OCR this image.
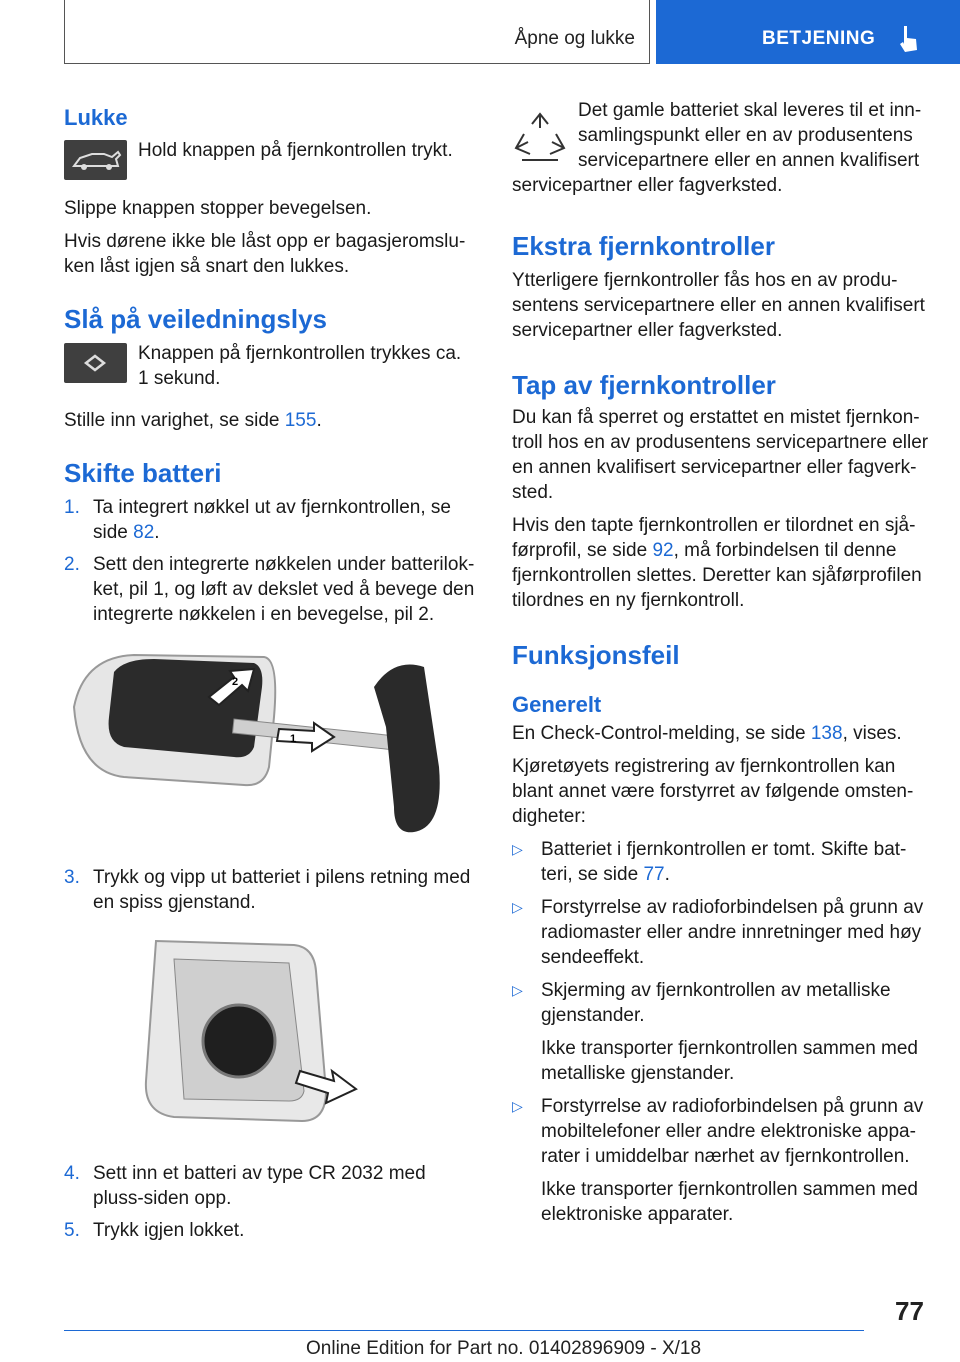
Åpne og lukke	BETJENING
Lukke

Hold knappen på fjernkontrollen trykt.

Slippe knappen stopper bevegelsen.

Hvis dørene ikke ble låst opp er bagasjeromslu‐

ken låst igjen så snart den lukkes.

Slå på veiledningslys

Knappen på fjernkontrollen trykkes ca.

1 sekund.

Stille inn varighet, se side 155.

Skifte batteri
1. Ta integrert nøkkel ut av fjernkontrollen, se

side 82.

2. Sett den integrerte nøkkelen under batterilok‐

ket, pil 1, og løft av dekslet ved å bevege den

integrerte nøkkelen i en bevegelse, pil 2.

1
2
3. Trykk og vipp ut batteriet i pilens retning med

en spiss gjenstand.

4. Sett inn et batteri av type CR 2032 med

pluss-siden opp.

5. Trykk igjen lokket.

Det gamle batteriet skal leveres til et inn‐

samlingspunkt eller en av produsentens

servicepartnere eller en annen kvalifisert

servicepartner eller fagverksted.

Ekstra fjernkontroller

Ytterligere fjernkontroller fås hos en av produ‐

sentens servicepartnere eller en annen kvalifisert

servicepartner eller fagverksted.

Tap av fjernkontroller

Du kan få sperret og erstattet en mistet fjernkon‐

troll hos en av produsentens servicepartnere eller

en annen kvalifisert servicepartner eller fagverk‐

sted.

Hvis den tapte fjernkontrollen er tilordnet en sjå‐

førprofil, se side 92, må forbindelsen til denne

fjernkontrollen slettes. Deretter kan sjåførprofilen

tilordnes en ny fjernkontroll.

Funksjonsfeil
Generelt

En Check-Control-melding, se side 138, vises.

Kjøretøyets registrering av fjernkontrollen kan

blant annet være forstyrret av følgende omsten‐

digheter:

▷ Batteriet i fjernkontrollen er tomt. Skifte bat‐

teri, se side 77.

▷ Forstyrrelse av radioforbindelsen på grunn av

radiomaster eller andre innretninger med høy

sendeeffekt.

▷ Skjerming av fjernkontrollen av metalliske

gjenstander.

Ikke transporter fjernkontrollen sammen med

metalliske gjenstander.

▷ Forstyrrelse av radioforbindelsen på grunn av

mobiltelefoner eller andre elektroniske appa‐

rater i umiddelbar nærhet av fjernkontrollen.

Ikke transporter fjernkontrollen sammen med

elektroniske apparater.

77
Online Edition for Part no. 01402896909 - X/18
